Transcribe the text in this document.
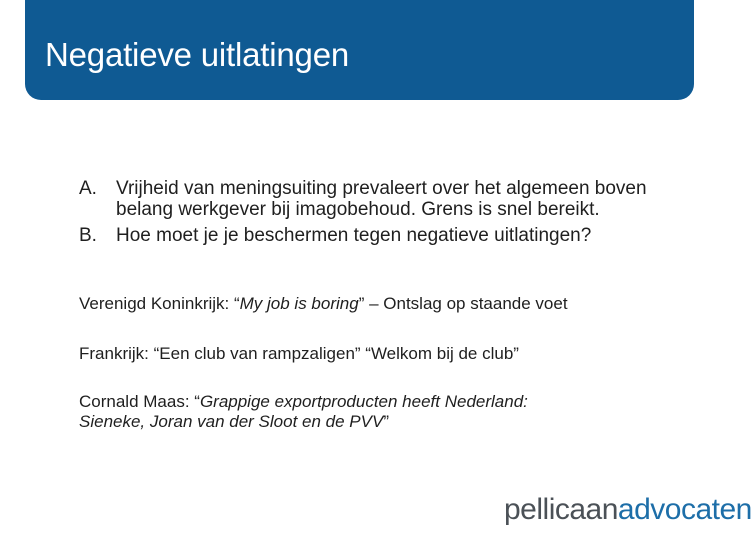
Negatieve uitlatingen

A. Vrijheid van meningsuiting prevaleert over het algemeen boven belang werkgever bij imagobehoud. Grens is snel bereikt.

B. Hoe moet je je beschermen tegen negatieve uitlatingen?

Verenigd Koninkrijk: “My job is boring” – Ontslag op staande voet
Frankrijk: “Een club van rampzaligen” “Welkom bij de club”
Cornald Maas: “Grappige exportproducten heeft Nederland:
Sieneke, Joran van der Sloot en de PVV”
pellicaanadvocaten
